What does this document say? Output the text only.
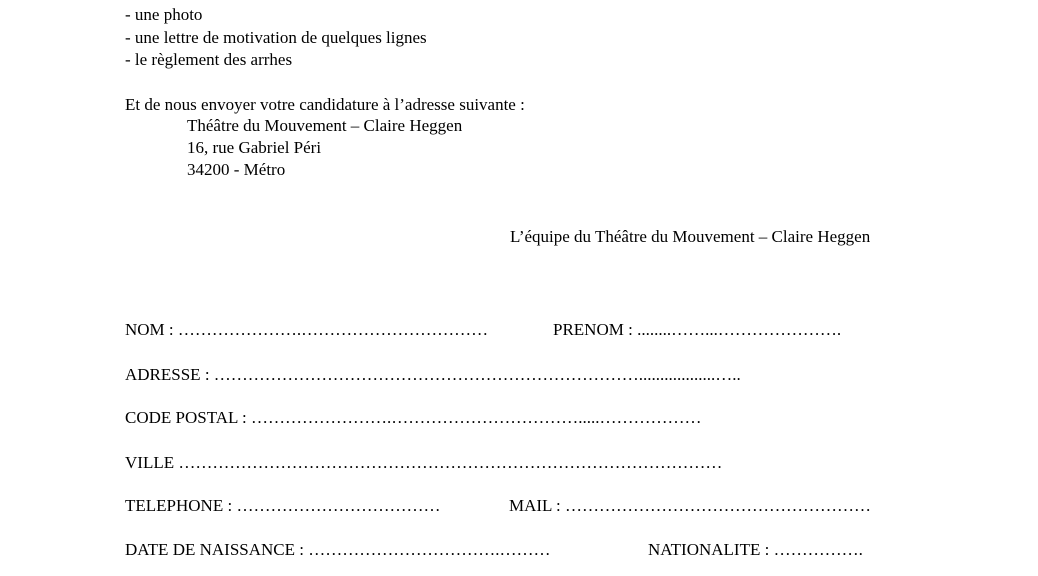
- une photo
- une lettre de motivation de quelques lignes
- le règlement des arrhes
Et de nous envoyer votre candidature à l’adresse suivante :
Théâtre du Mouvement – Claire Heggen
16, rue Gabriel Péri
34200 - Métro
L’équipe du Théâtre du Mouvement – Claire Heggen
NOM : ………………….……………………………	PRENOM : ........……...………………….
ADRESSE : …………………………………………………………………..................…..
CODE POSTAL : …………………….…………………………….....………………
VILLE ……………………………………………………………………………………
TELEPHONE : ………………………………	MAIL : ………………………………………………
DATE DE NAISSANCE : …………………………….………	NATIONALITE : …………….
